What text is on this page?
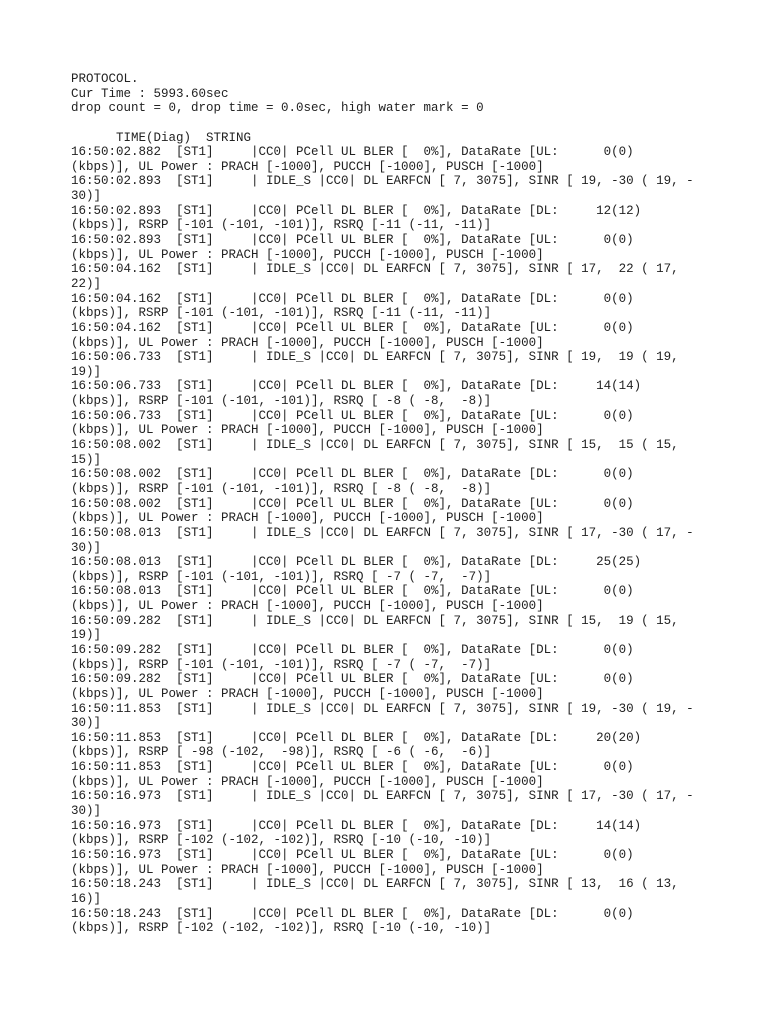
PROTOCOL.
Cur Time : 5993.60sec
drop count = 0, drop time = 0.0sec, high water mark = 0
TIME(Diag)  STRING
16:50:02.882  [ST1]     |CC0| PCell UL BLER [  0%], DataRate [UL:      0(0)
(kbps)], UL Power : PRACH [-1000], PUCCH [-1000], PUSCH [-1000]
16:50:02.893  [ST1]     | IDLE_S |CC0| DL EARFCN [ 7, 3075], SINR [ 19, -30 ( 19, -
30)]
16:50:02.893  [ST1]     |CC0| PCell DL BLER [  0%], DataRate [DL:     12(12)
(kbps)], RSRP [-101 (-101, -101)], RSRQ [-11 (-11, -11)]
16:50:02.893  [ST1]     |CC0| PCell UL BLER [  0%], DataRate [UL:      0(0)
(kbps)], UL Power : PRACH [-1000], PUCCH [-1000], PUSCH [-1000]
16:50:04.162  [ST1]     | IDLE_S |CC0| DL EARFCN [ 7, 3075], SINR [ 17,  22 ( 17,
22)]
16:50:04.162  [ST1]     |CC0| PCell DL BLER [  0%], DataRate [DL:      0(0)
(kbps)], RSRP [-101 (-101, -101)], RSRQ [-11 (-11, -11)]
16:50:04.162  [ST1]     |CC0| PCell UL BLER [  0%], DataRate [UL:      0(0)
(kbps)], UL Power : PRACH [-1000], PUCCH [-1000], PUSCH [-1000]
16:50:06.733  [ST1]     | IDLE_S |CC0| DL EARFCN [ 7, 3075], SINR [ 19,  19 ( 19,
19)]
16:50:06.733  [ST1]     |CC0| PCell DL BLER [  0%], DataRate [DL:     14(14)
(kbps)], RSRP [-101 (-101, -101)], RSRQ [ -8 ( -8,  -8)]
16:50:06.733  [ST1]     |CC0| PCell UL BLER [  0%], DataRate [UL:      0(0)
(kbps)], UL Power : PRACH [-1000], PUCCH [-1000], PUSCH [-1000]
16:50:08.002  [ST1]     | IDLE_S |CC0| DL EARFCN [ 7, 3075], SINR [ 15,  15 ( 15,
15)]
16:50:08.002  [ST1]     |CC0| PCell DL BLER [  0%], DataRate [DL:      0(0)
(kbps)], RSRP [-101 (-101, -101)], RSRQ [ -8 ( -8,  -8)]
16:50:08.002  [ST1]     |CC0| PCell UL BLER [  0%], DataRate [UL:      0(0)
(kbps)], UL Power : PRACH [-1000], PUCCH [-1000], PUSCH [-1000]
16:50:08.013  [ST1]     | IDLE_S |CC0| DL EARFCN [ 7, 3075], SINR [ 17, -30 ( 17, -
30)]
16:50:08.013  [ST1]     |CC0| PCell DL BLER [  0%], DataRate [DL:     25(25)
(kbps)], RSRP [-101 (-101, -101)], RSRQ [ -7 ( -7,  -7)]
16:50:08.013  [ST1]     |CC0| PCell UL BLER [  0%], DataRate [UL:      0(0)
(kbps)], UL Power : PRACH [-1000], PUCCH [-1000], PUSCH [-1000]
16:50:09.282  [ST1]     | IDLE_S |CC0| DL EARFCN [ 7, 3075], SINR [ 15,  19 ( 15,
19)]
16:50:09.282  [ST1]     |CC0| PCell DL BLER [  0%], DataRate [DL:      0(0)
(kbps)], RSRP [-101 (-101, -101)], RSRQ [ -7 ( -7,  -7)]
16:50:09.282  [ST1]     |CC0| PCell UL BLER [  0%], DataRate [UL:      0(0)
(kbps)], UL Power : PRACH [-1000], PUCCH [-1000], PUSCH [-1000]
16:50:11.853  [ST1]     | IDLE_S |CC0| DL EARFCN [ 7, 3075], SINR [ 19, -30 ( 19, -
30)]
16:50:11.853  [ST1]     |CC0| PCell DL BLER [  0%], DataRate [DL:     20(20)
(kbps)], RSRP [ -98 (-102,  -98)], RSRQ [ -6 ( -6,  -6)]
16:50:11.853  [ST1]     |CC0| PCell UL BLER [  0%], DataRate [UL:      0(0)
(kbps)], UL Power : PRACH [-1000], PUCCH [-1000], PUSCH [-1000]
16:50:16.973  [ST1]     | IDLE_S |CC0| DL EARFCN [ 7, 3075], SINR [ 17, -30 ( 17, -
30)]
16:50:16.973  [ST1]     |CC0| PCell DL BLER [  0%], DataRate [DL:     14(14)
(kbps)], RSRP [-102 (-102, -102)], RSRQ [-10 (-10, -10)]
16:50:16.973  [ST1]     |CC0| PCell UL BLER [  0%], DataRate [UL:      0(0)
(kbps)], UL Power : PRACH [-1000], PUCCH [-1000], PUSCH [-1000]
16:50:18.243  [ST1]     | IDLE_S |CC0| DL EARFCN [ 7, 3075], SINR [ 13,  16 ( 13,
16)]
16:50:18.243  [ST1]     |CC0| PCell DL BLER [  0%], DataRate [DL:      0(0)
(kbps)], RSRP [-102 (-102, -102)], RSRQ [-10 (-10, -10)]
